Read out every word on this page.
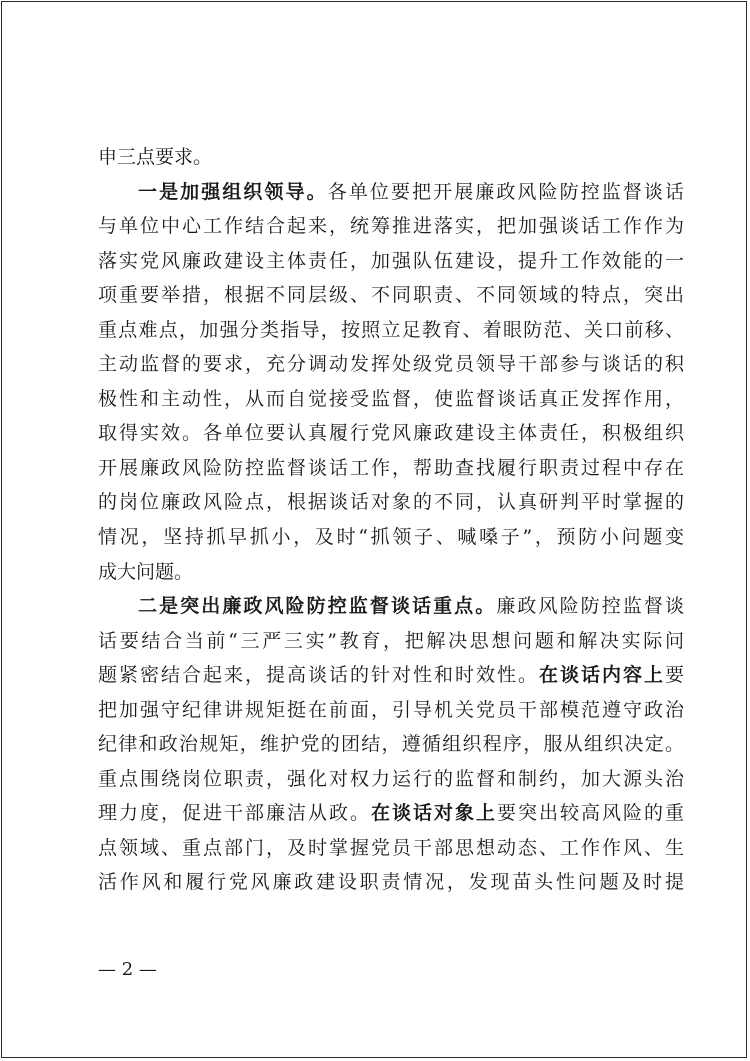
申三点要求。
一是加强组织领导。各单位要把开展廉政风险防控监督谈话
与单位中心工作结合起来，统筹推进落实，把加强谈话工作作为
落实党风廉政建设主体责任，加强队伍建设，提升工作效能的一
项重要举措，根据不同层级、不同职责、不同领域的特点，突出
重点难点，加强分类指导，按照立足教育、着眼防范、关口前移、
主动监督的要求，充分调动发挥处级党员领导干部参与谈话的积
极性和主动性，从而自觉接受监督，使监督谈话真正发挥作用，
取得实效。各单位要认真履行党风廉政建设主体责任，积极组织
开展廉政风险防控监督谈话工作，帮助查找履行职责过程中存在
的岗位廉政风险点，根据谈话对象的不同，认真研判平时掌握的
情况，坚持抓早抓小，及时“抓领子、喊嗓子”，预防小问题变
成大问题。
二是突出廉政风险防控监督谈话重点。廉政风险防控监督谈
话要结合当前“三严三实”教育，把解决思想问题和解决实际问
题紧密结合起来，提高谈话的针对性和时效性。在谈话内容上要
把加强守纪律讲规矩挺在前面，引导机关党员干部模范遵守政治
纪律和政治规矩，维护党的团结，遵循组织程序，服从组织决定。
重点围绕岗位职责，强化对权力运行的监督和制约，加大源头治
理力度，促进干部廉洁从政。在谈话对象上要突出较高风险的重
点领域、重点部门，及时掌握党员干部思想动态、工作作风、生
活作风和履行党风廉政建设职责情况，发现苗头性问题及时提
— 2 —
